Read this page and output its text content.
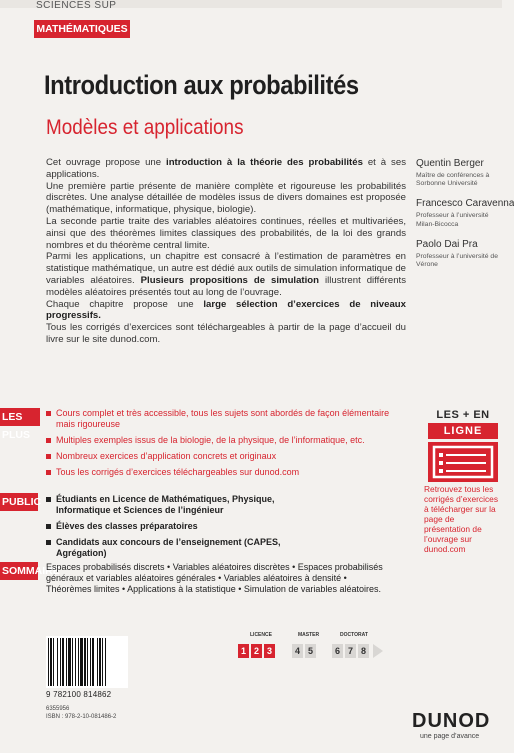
SCIENCES SUP
MATHÉMATIQUES
Introduction aux probabilités
Modèles et applications

Cet ouvrage propose une introduction à la théorie des probabilités et à ses applications.

Une première partie présente de manière complète et rigoureuse les probabilités discrètes. Une analyse détaillée de modèles issus de divers domaines est proposée (mathématique, informatique, physique, biologie).

La seconde partie traite des variables aléatoires continues, réelles et multivariées, ainsi que des théorèmes limites classiques des probabilités, de la loi des grands nombres et du théorème central limite.

Parmi les applications, un chapitre est consacré à l’estimation de paramètres en statistique mathématique, un autre est dédié aux outils de simulation informatique de variables aléatoires. Plusieurs propositions de simulation illustrent différents modèles aléatoires présentés tout au long de l’ouvrage.

Chaque chapitre propose une large sélection d’exercices de niveaux progressifs.

Tous les corrigés d’exercices sont téléchargeables à partir de la page d’accueil du livre sur le site dunod.com.

Quentin Berger
Maître de conférences à Sorbonne Université
Francesco Caravenna
Professeur à l’université Milan-Bicocca
Paolo Dai Pra
Professeur à l’université de Vérone
LES PLUS
Cours complet et très accessible, tous les sujets sont abordés de façon élémentaire mais rigoureuse
Multiples exemples issus de la biologie, de la physique, de l’informatique, etc.
Nombreux exercices d’application concrets et originaux
Tous les corrigés d’exercices téléchargeables sur dunod.com
PUBLIC	Étudiants en Licence de Mathématiques, Physique, Informatique et Sciences de l’ingénieur
Élèves des classes préparatoires
Candidats aux concours de l’enseignement (CAPES, Agrégation)
SOMMAIRE
Espaces probabilisés discrets • Variables aléatoires discrètes • Espaces probabilisés généraux et variables aléatoires générales • Variables aléatoires à densité • Théorèmes limites • Applications à la statistique • Simulation de variables aléatoires.
LES + EN
LIGNE
Retrouvez tous les corrigés d’exercices à télécharger sur la page de présentation de l’ouvrage sur dunod.com
LICENCE	MASTER	DOCTORAT
1 2 3	4 5	6 7 8
9 782100 814862
6355956
ISBN : 978-2-10-081486-2	DUNOD
une page d’avance
